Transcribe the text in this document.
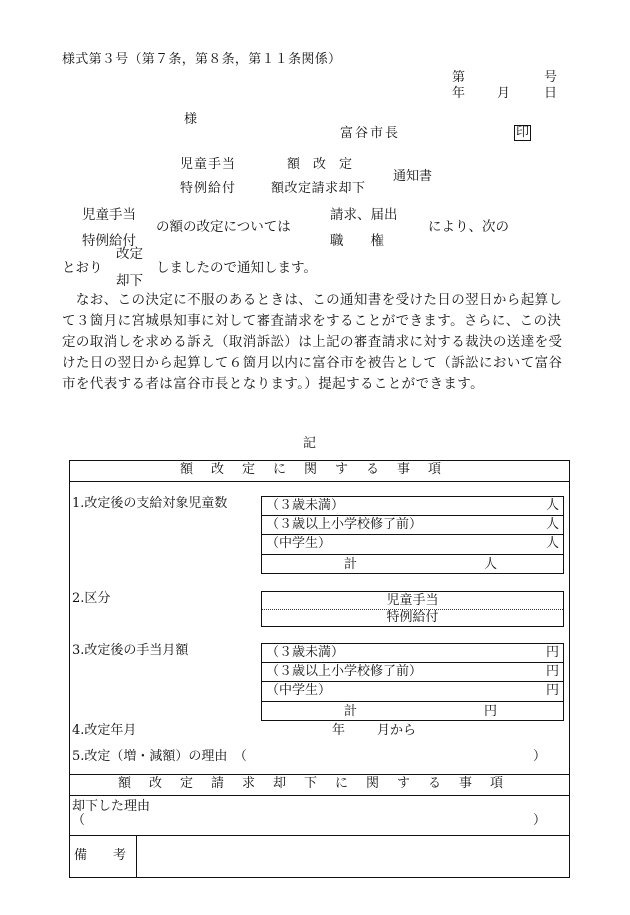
様式第３号（第７条，第８条，第１１条関係）
第	号
年 月	日
様
富谷市長	印
児童手当
特例給付
額　改　定
額改定請求却下
通知書
児童手当
特例給付
の額の改定については
請求、届出
職　　権
により、次の
改定
とおり	しましたので通知します。
却下
　なお、この決定に不服のあるときは、この通知書を受けた日の翌日から起算して３箇月に宮城県知事に対して審査請求をすることができます。さらに、この決定の取消しを求める訴え（取消訴訟）は上記の審査請求に対する裁決の送達を受けた日の翌日から起算して６箇月以内に富谷市を被告として（訴訟において富谷市を代表する者は富谷市長となります。）提起することができます。
記
額改定に関する事項
1.改定後の支給対象児童数	（３歳未満）	人
（３歳以上小学校修了前）	人
（中学生）	人
計	人
2.区分	児童手当
特例給付
3.改定後の手当月額	（３歳未満）	円
（３歳以上小学校修了前）	円
（中学生）	円
計	円
4.改定年月	年 月から
5.改定（増・減額）の理由　（	）
額改定請求却下に関する事項
却下した理由
（	）
備　　考
